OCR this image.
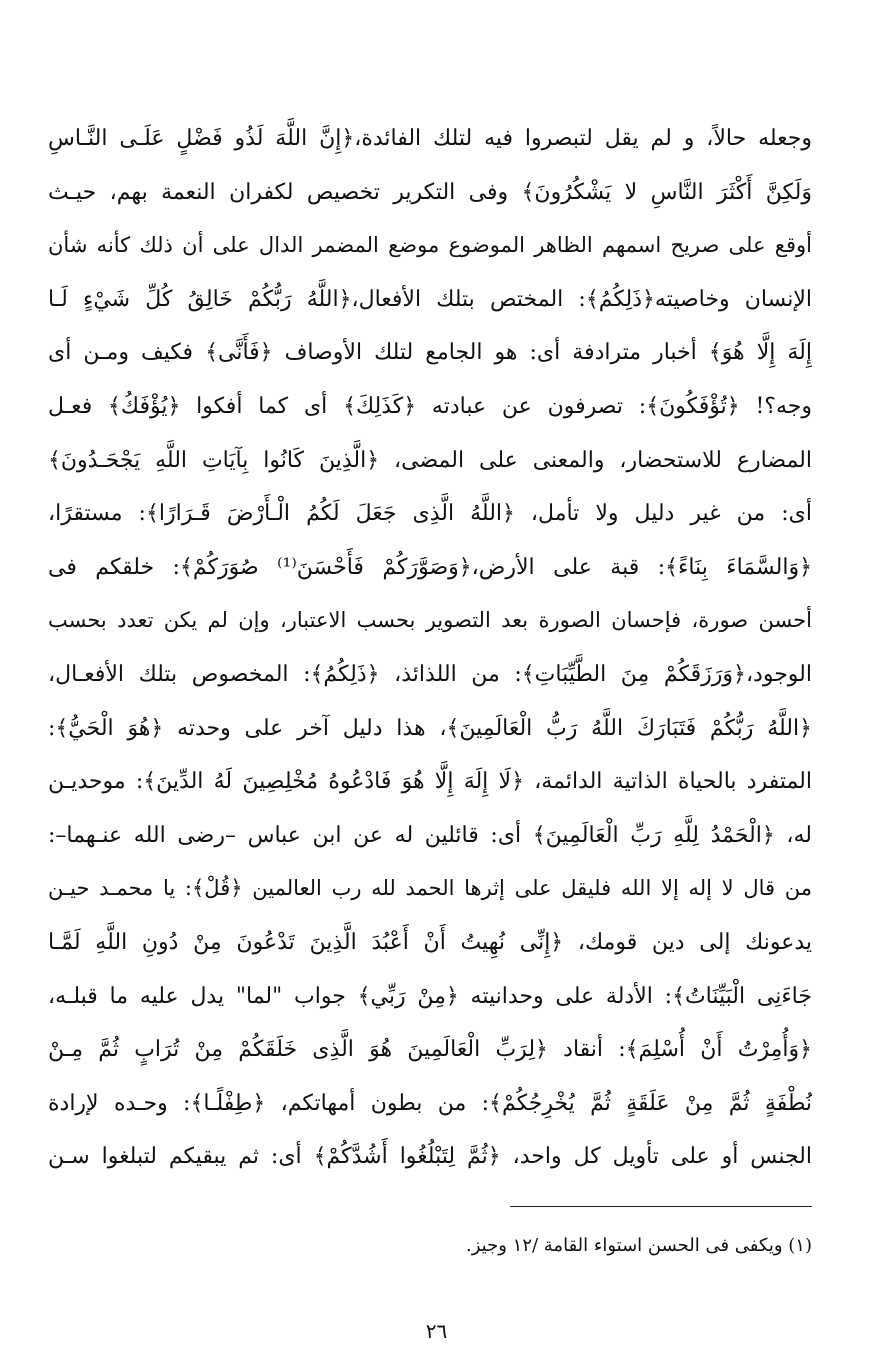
وجعله حالاً، و لم يقل لتبصروا فيه لتلك الفائدة،﴿إِنَّ اللَّهَ لَذُو فَضْلٍ عَلَـى النَّـاسِ
وَلَكِنَّ أَكْثَرَ النَّاسِ لا يَشْكُرُونَ﴾ وفى التكرير تخصيص لكفران النعمة بهم، حيـث
أوقع على صريح اسمهم الظاهر الموضوع موضع المضمر الدال على أن ذلك كأنه شأن
الإنسان وخاصيته﴿ذَلِكُمُ﴾: المختص بتلك الأفعال،﴿اللَّهُ رَبُّكُمْ خَالِقُ كُلِّ شَيْءٍ لَـا
إِلَهَ إِلَّا هُوَ﴾ أخبار مترادفة أى: هو الجامع لتلك الأوصاف ﴿فَأَنَّى﴾ فكيف ومـن أى
وجه؟! ﴿تُؤْفَكُونَ﴾: تصرفون عن عبادته ﴿كَذَلِكَ﴾ أى كما أفكوا ﴿يُؤْفَكُ﴾ فعـل
المضارع للاستحضار، والمعنى على المضى، ﴿الَّذِينَ كَانُوا بِآيَاتِ اللَّهِ يَجْحَـدُونَ﴾
أى: من غير دليل ولا تأمل، ﴿اللَّهُ الَّذِى جَعَلَ لَكُمُ الْـأَرْضَ قَـرَارًا﴾: مستقرًا،
﴿وَالسَّمَاءَ بِنَاءً﴾: قبة على الأرض،﴿وَصَوَّرَكُمْ فَأَحْسَنَ⁽¹⁾ صُوَرَكُمْ﴾: خلقكم فى
أحسن صورة، فإحسان الصورة بعد التصوير بحسب الاعتبار، وإن لم يكن تعدد بحسب
الوجود،﴿وَرَزَقَكُمْ مِنَ الطَّيِّبَاتِ﴾: من اللذائذ، ﴿ذَلِكُمُ﴾: المخصوص بتلك الأفعـال،
﴿اللَّهُ رَبُّكُمْ فَتَبَارَكَ اللَّهُ رَبُّ الْعَالَمِينَ﴾، هذا دليل آخر على وحدته ﴿هُوَ الْحَيُّ﴾:
المتفرد بالحياة الذاتية الدائمة، ﴿لَا إِلَهَ إِلَّا هُوَ فَادْعُوهُ مُخْلِصِينَ لَهُ الدِّينَ﴾: موحديـن
له، ﴿الْحَمْدُ لِلَّهِ رَبِّ الْعَالَمِينَ﴾ أى: قائلين له عن ابن عباس –رضى الله عنـهما–:
من قال لا إله إلا الله فليقل على إثرها الحمد لله رب العالمين ﴿قُلْ﴾: يا محمـد حيـن
يدعونك إلى دين قومك، ﴿إِنِّى نُهِيتُ أَنْ أَعْبُدَ الَّذِينَ تَدْعُونَ مِنْ دُونِ اللَّهِ لَمَّـا
جَاءَنِى الْبَيِّنَاتُ﴾: الأدلة على وحدانيته ﴿مِنْ رَبِّي﴾ جواب "لما" يدل عليه ما قبلـه،
﴿وَأُمِرْتُ أَنْ أُسْلِمَ﴾: أنقاد ﴿لِرَبِّ الْعَالَمِينَ هُوَ الَّذِى خَلَقَكُمْ مِنْ تُرَابٍ ثُمَّ مِـنْ
نُطْفَةٍ ثُمَّ مِنْ عَلَقَةٍ ثُمَّ يُخْرِجُكُمْ﴾: من بطون أمهاتكم، ﴿طِفْلًـا﴾: وحـده لإرادة
الجنس أو على تأويل كل واحد، ﴿ثُمَّ لِتَبْلُغُوا أَشُدَّكُمْ﴾ أى: ثم يبقيكم لتبلغوا سـن
(١) ويكفى فى الحسن استواء القامة /١٢ وجيز.
٢٦
